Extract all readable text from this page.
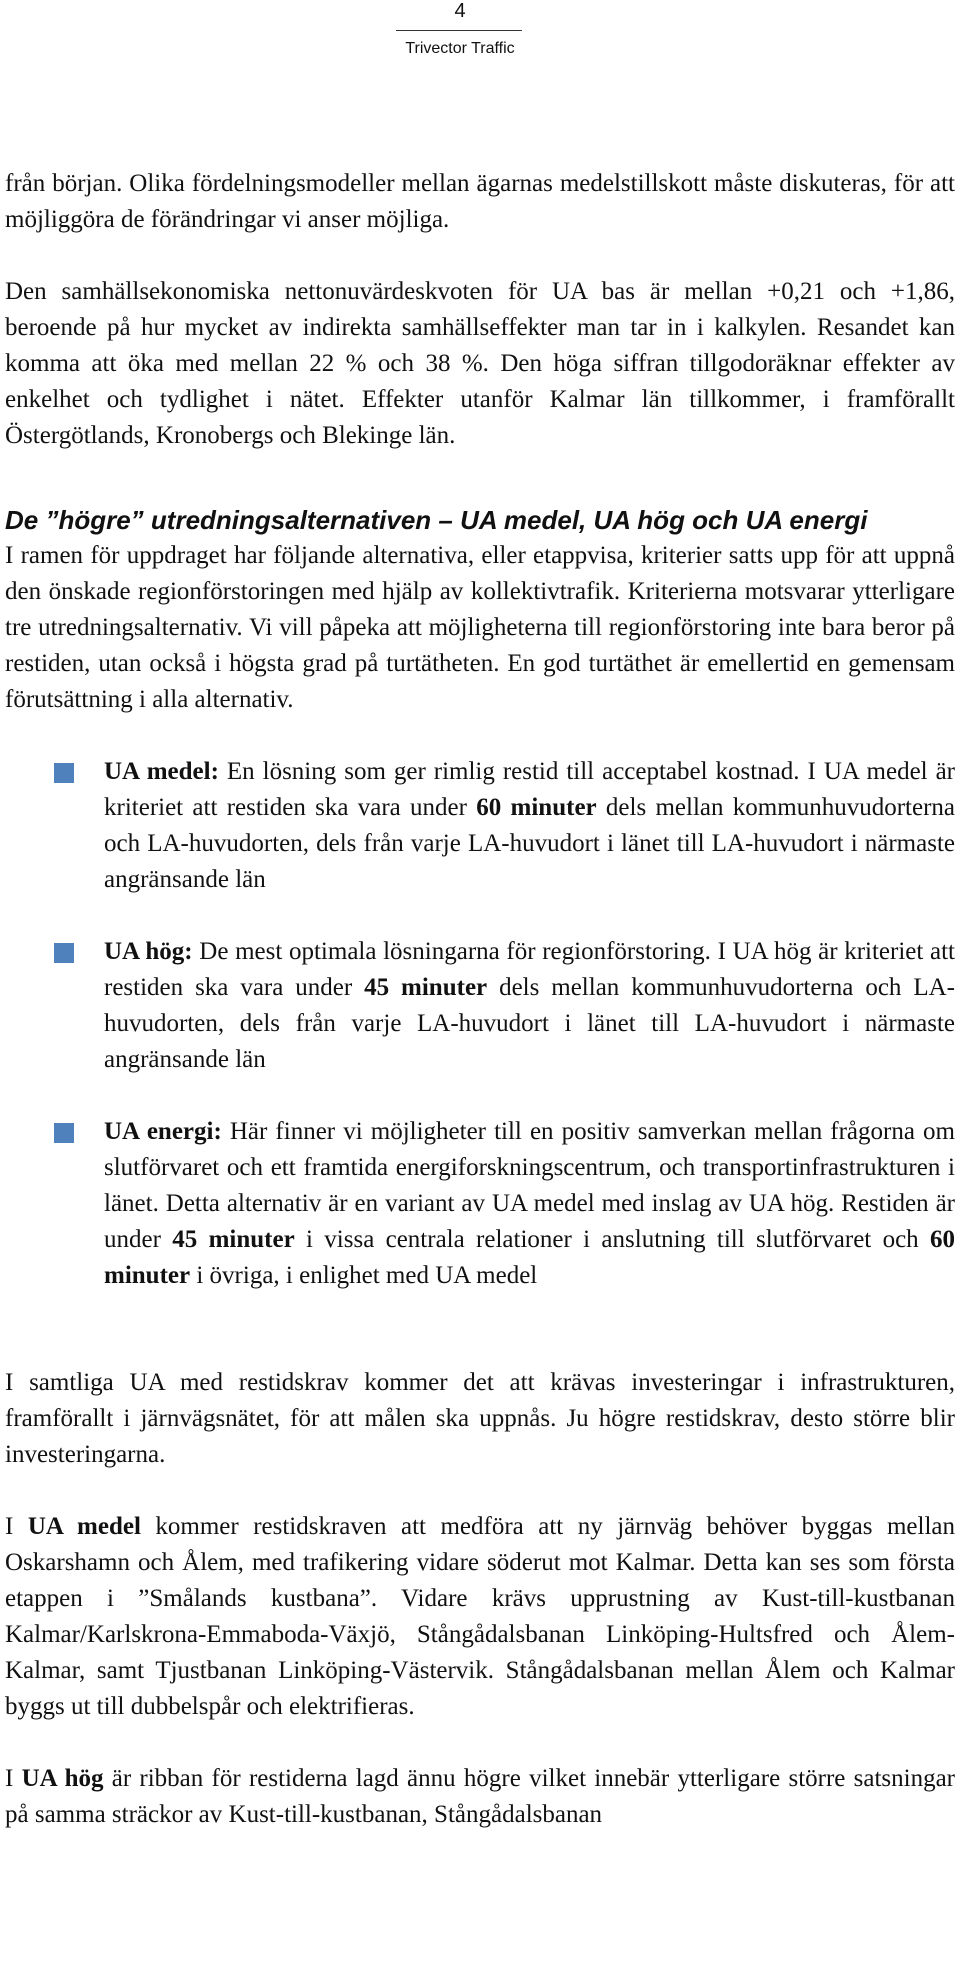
4
Trivector Traffic

från början. Olika fördelningsmodeller mellan ägarnas medelstillskott måste diskuteras, för att möjliggöra de förändringar vi anser möjliga.

Den samhällsekonomiska nettonuvärdeskvoten för UA bas är mellan +0,21 och +1,86, beroende på hur mycket av indirekta samhällseffekter man tar in i kalkylen. Resandet kan komma att öka med mellan 22 % och 38 %. Den höga siffran tillgodoräknar effekter av enkelhet och tydlighet i nätet. Effekter utanför Kalmar län tillkommer, i framförallt Östergötlands, Kronobergs och Blekinge län.

De ”högre” utredningsalternativen – UA medel, UA hög och UA energi

I ramen för uppdraget har följande alternativa, eller etappvisa, kriterier satts upp för att uppnå den önskade regionförstoringen med hjälp av kollektivtrafik. Kriterierna motsvarar ytterligare tre utredningsalternativ. Vi vill påpeka att möjligheterna till regionförstoring inte bara beror på restiden, utan också i högsta grad på turtätheten. En god turtäthet är emellertid en gemensam förutsättning i alla alternativ.

UA medel: En lösning som ger rimlig restid till acceptabel kostnad. I UA medel är kriteriet att restiden ska vara under 60 minuter dels mellan kommunhuvudorterna och LA-huvudorten, dels från varje LA-huvudort i länet till LA-huvudort i närmaste angränsande län
UA hög: De mest optimala lösningarna för regionförstoring. I UA hög är kriteriet att restiden ska vara under 45 minuter dels mellan kommunhuvudorterna och LA-huvudorten, dels från varje LA-huvudort i länet till LA-huvudort i närmaste angränsande län
UA energi: Här finner vi möjligheter till en positiv samverkan mellan frågorna om slutförvaret och ett framtida energiforskningscentrum, och transportinfrastrukturen i länet. Detta alternativ är en variant av UA medel med inslag av UA hög. Restiden är under 45 minuter i vissa centrala relationer i anslutning till slutförvaret och 60 minuter i övriga, i enlighet med UA medel

I samtliga UA med restidskrav kommer det att krävas investeringar i infrastrukturen, framförallt i järnvägsnätet, för att målen ska uppnås. Ju högre restidskrav, desto större blir investeringarna.

I UA medel kommer restidskraven att medföra att ny järnväg behöver byggas mellan Oskarshamn och Ålem, med trafikering vidare söderut mot Kalmar. Detta kan ses som första etappen i ”Smålands kustbana”. Vidare krävs upprustning av Kust-till-kustbanan Kalmar/Karlskrona-Emmaboda-Växjö, Stångådalsbanan Linköping-Hultsfred och Ålem-Kalmar, samt Tjustbanan Linköping-Västervik. Stångådalsbanan mellan Ålem och Kalmar byggs ut till dubbelspår och elektrifieras.

I UA hög är ribban för restiderna lagd ännu högre vilket innebär ytterligare större satsningar på samma sträckor av Kust-till-kustbanan, Stångådalsbanan
